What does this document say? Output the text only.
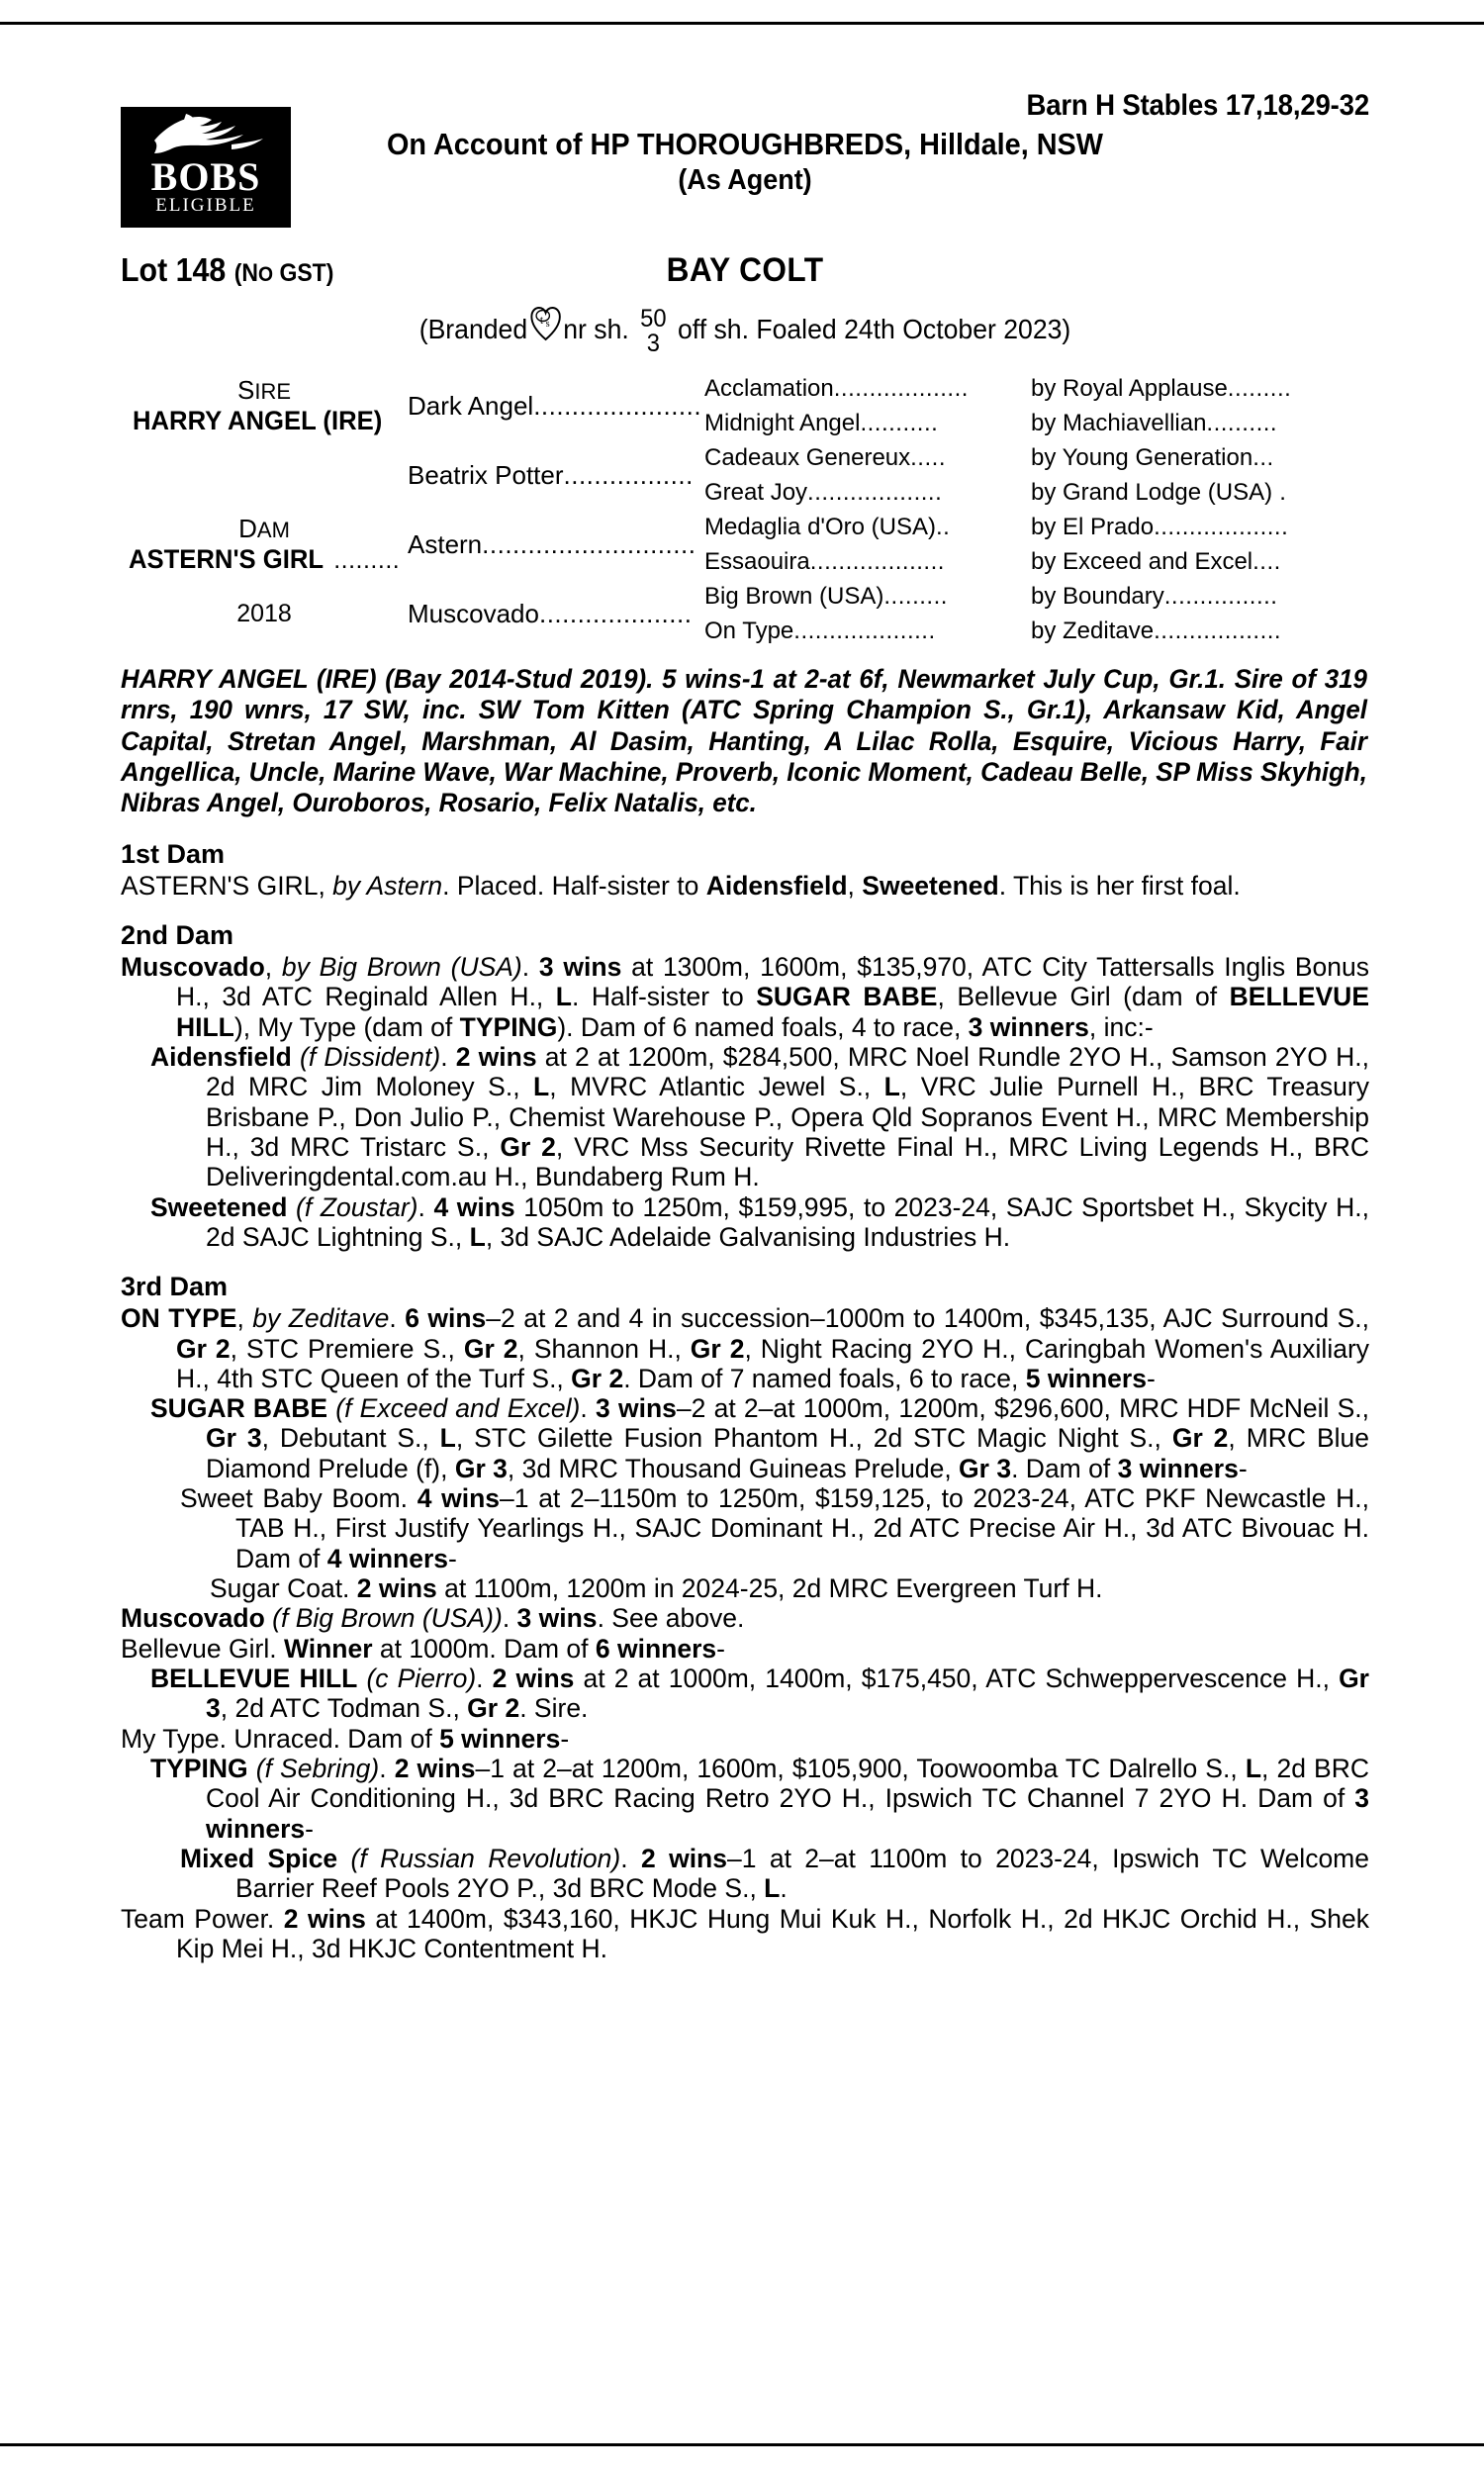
BOBS
ELIGIBLE
Barn H Stables 17,18,29-32
On Account of HP THOROUGHBREDS, Hilldale, NSW
(As Agent)
Lot 148 (NO GST)	BAY COLT
(Branded t s nr sh. 50
3 off sh. Foaled 24th October 2023)
SIRE
HARRY ANGEL (IRE)	Dark Angel......................	Acclamation...................	by Royal Applause.........
		Midnight Angel...........	by Machiavellian..........
	Beatrix Potter.................	Cadeaux Genereux.....	by Young Generation...
		Great Joy...................	by Grand Lodge (USA) .

DAM
ASTERN'S GIRL .........	Astern............................	Medaglia d'Oro (USA)..	by El Prado...................
		Essaouira...................	by Exceed and Excel....
2018	Muscovado....................	Big Brown (USA).........	by Boundary................
		On Type....................	by Zeditave..................
HARRY ANGEL (IRE) (Bay 2014-Stud 2019). 5 wins-1 at 2-at 6f, Newmarket July Cup, Gr.1. Sire of 319 rnrs, 190 wnrs, 17 SW, inc. SW Tom Kitten (ATC Spring Champion S., Gr.1), Arkansaw Kid, Angel Capital, Stretan Angel, Marshman, Al Dasim, Hanting, A Lilac Rolla, Esquire, Vicious Harry, Fair Angellica, Uncle, Marine Wave, War Machine, Proverb, Iconic Moment, Cadeau Belle, SP Miss Skyhigh, Nibras Angel, Ouroboros, Rosario, Felix Natalis, etc.
1st Dam

ASTERN'S GIRL, by Astern. Placed. Half-sister to Aidensfield, Sweetened. This is her first foal.

2nd Dam

Muscovado, by Big Brown (USA). 3 wins at 1300m, 1600m, $135,970, ATC City Tattersalls Inglis Bonus H., 3d ATC Reginald Allen H., L. Half-sister to SUGAR BABE, Bellevue Girl (dam of BELLEVUE HILL), My Type (dam of TYPING). Dam of 6 named foals, 4 to race, 3 winners, inc:-

Aidensfield (f Dissident). 2 wins at 2 at 1200m, $284,500, MRC Noel Rundle 2YO H., Samson 2YO H., 2d MRC Jim Moloney S., L, MVRC Atlantic Jewel S., L, VRC Julie Purnell H., BRC Treasury Brisbane P., Don Julio P., Chemist Warehouse P., Opera Qld Sopranos Event H., MRC Membership H., 3d MRC Tristarc S., Gr 2, VRC Mss Security Rivette Final H., MRC Living Legends H., BRC Deliveringdental.com.au H., Bundaberg Rum H.

Sweetened (f Zoustar). 4 wins 1050m to 1250m, $159,995, to 2023-24, SAJC Sportsbet H., Skycity H., 2d SAJC Lightning S., L, 3d SAJC Adelaide Galvanising Industries H.

3rd Dam

ON TYPE, by Zeditave. 6 wins–2 at 2 and 4 in succession–1000m to 1400m, $345,135, AJC Surround S., Gr 2, STC Premiere S., Gr 2, Shannon H., Gr 2, Night Racing 2YO H., Caringbah Women's Auxiliary H., 4th STC Queen of the Turf S., Gr 2. Dam of 7 named foals, 6 to race, 5 winners-

SUGAR BABE (f Exceed and Excel). 3 wins–2 at 2–at 1000m, 1200m, $296,600, MRC HDF McNeil S., Gr 3, Debutant S., L, STC Gilette Fusion Phantom H., 2d STC Magic Night S., Gr 2, MRC Blue Diamond Prelude (f), Gr 3, 3d MRC Thousand Guineas Prelude, Gr 3. Dam of 3 winners-

Sweet Baby Boom. 4 wins–1 at 2–1150m to 1250m, $159,125, to 2023-24, ATC PKF Newcastle H., TAB H., First Justify Yearlings H., SAJC Dominant H., 2d ATC Precise Air H., 3d ATC Bivouac H. Dam of 4 winners-

Sugar Coat. 2 wins at 1100m, 1200m in 2024-25, 2d MRC Evergreen Turf H.

Muscovado (f Big Brown (USA)). 3 wins. See above.

Bellevue Girl. Winner at 1000m. Dam of 6 winners-

BELLEVUE HILL (c Pierro). 2 wins at 2 at 1000m, 1400m, $175,450, ATC Schweppervescence H., Gr 3, 2d ATC Todman S., Gr 2. Sire.

My Type. Unraced. Dam of 5 winners-

TYPING (f Sebring). 2 wins–1 at 2–at 1200m, 1600m, $105,900, Toowoomba TC Dalrello S., L, 2d BRC Cool Air Conditioning H., 3d BRC Racing Retro 2YO H., Ipswich TC Channel 7 2YO H. Dam of 3 winners-

Mixed Spice (f Russian Revolution). 2 wins–1 at 2–at 1100m to 2023-24, Ipswich TC Welcome Barrier Reef Pools 2YO P., 3d BRC Mode S., L.

Team Power. 2 wins at 1400m, $343,160, HKJC Hung Mui Kuk H., Norfolk H., 2d HKJC Orchid H., Shek Kip Mei H., 3d HKJC Contentment H.
